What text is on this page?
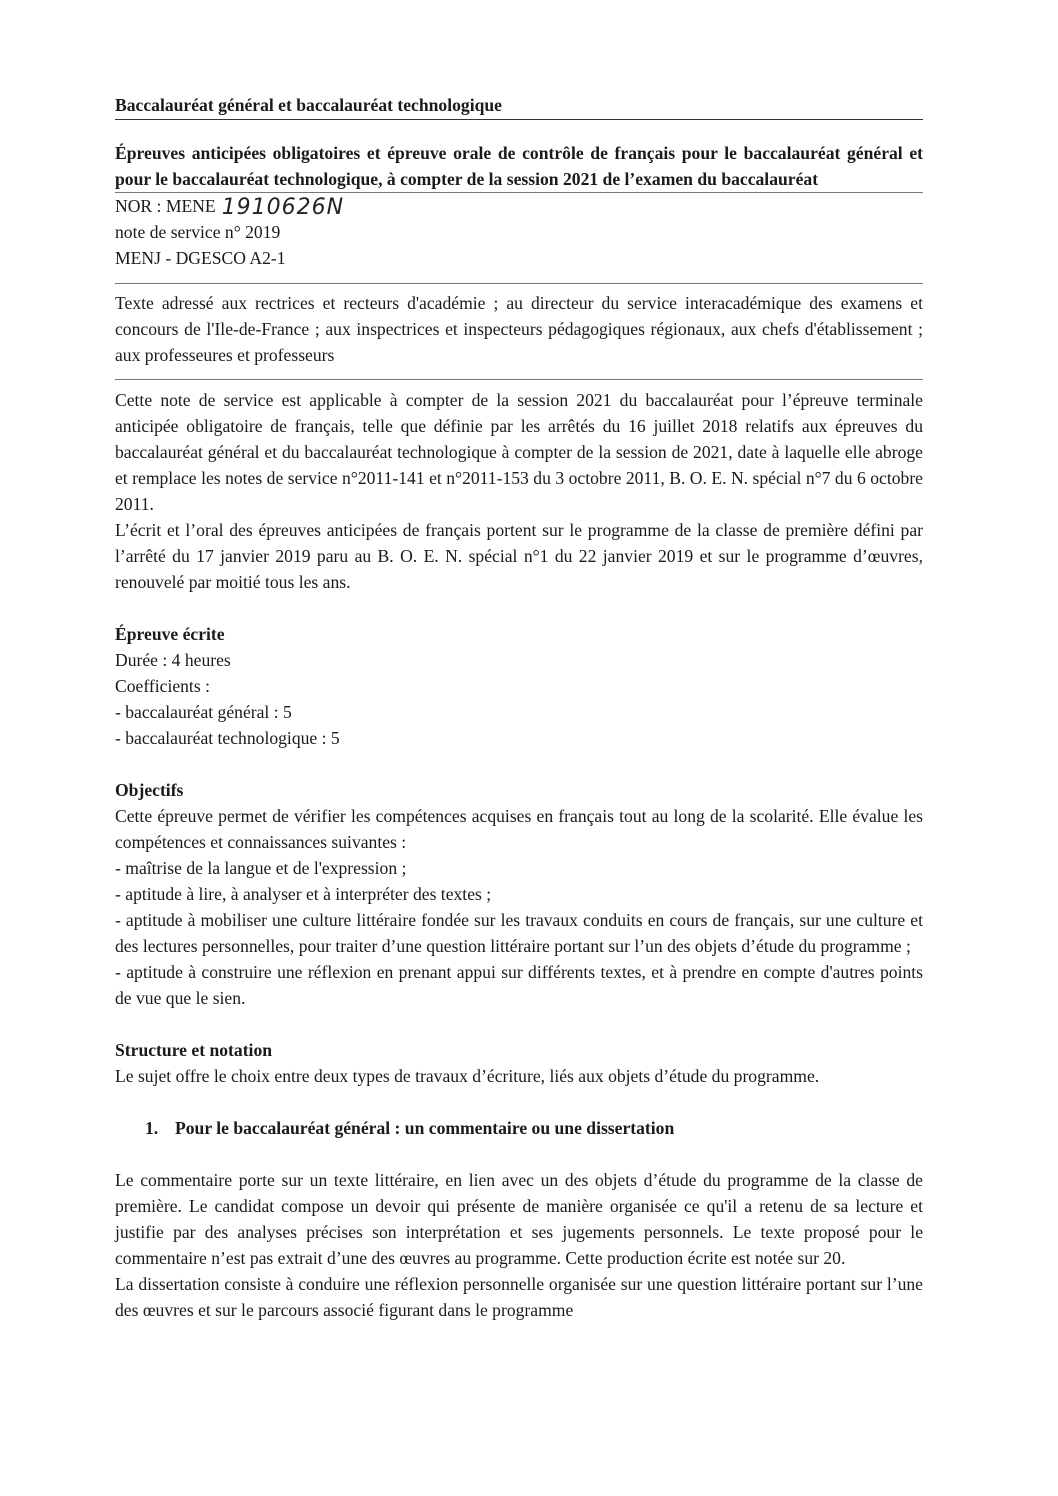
Baccalauréat général et baccalauréat technologique

Épreuves anticipées obligatoires et épreuve orale de contrôle de français pour le baccalauréat général et pour le baccalauréat technologique, à compter de la session 2021 de l’examen du baccalauréat

NOR : MENE 1910626N

note de service n° 2019

MENJ - DGESCO A2-1

Texte adressé aux rectrices et recteurs d'académie ; au directeur du service interacadémique des examens et concours de l'Ile-de-France ; aux inspectrices et inspecteurs pédagogiques régionaux, aux chefs d'établissement ; aux professeures et professeurs

Cette note de service est applicable à compter de la session 2021 du baccalauréat pour l’épreuve terminale anticipée obligatoire de français, telle que définie par les arrêtés du 16 juillet 2018 relatifs aux épreuves du baccalauréat général et du baccalauréat technologique à compter de la session de 2021, date à laquelle elle abroge et remplace les notes de service n°2011-141 et n°2011-153 du 3 octobre 2011, B. O. E. N. spécial n°7 du 6 octobre 2011.

L’écrit et l’oral des épreuves anticipées de français portent sur le programme de la classe de première défini par l’arrêté du 17 janvier 2019 paru au B. O. E. N. spécial n°1 du 22 janvier 2019 et sur le programme d’œuvres, renouvelé par moitié tous les ans.

Épreuve écrite

Durée : 4 heures

Coefficients :

- baccalauréat général : 5

- baccalauréat technologique : 5

Objectifs

Cette épreuve permet de vérifier les compétences acquises en français tout au long de la scolarité. Elle évalue les compétences et connaissances suivantes :

- maîtrise de la langue et de l'expression ;

- aptitude à lire, à analyser et à interpréter des textes ;

- aptitude à mobiliser une culture littéraire fondée sur les travaux conduits en cours de français, sur une culture et des lectures personnelles, pour traiter d’une question littéraire portant sur l’un des objets d’étude du programme ;

- aptitude à construire une réflexion en prenant appui sur différents textes, et à prendre en compte d'autres points de vue que le sien.

Structure et notation

Le sujet offre le choix entre deux types de travaux d’écriture, liés aux objets d’étude du programme.

1. Pour le baccalauréat général : un commentaire ou une dissertation

Le commentaire porte sur un texte littéraire, en lien avec un des objets d’étude du programme de la classe de première. Le candidat compose un devoir qui présente de manière organisée ce qu'il a retenu de sa lecture et justifie par des analyses précises son interprétation et ses jugements personnels. Le texte proposé pour le commentaire n’est pas extrait d’une des œuvres au programme. Cette production écrite est notée sur 20.

La dissertation consiste à conduire une réflexion personnelle organisée sur une question littéraire portant sur l’une des œuvres et sur le parcours associé figurant dans le programme
